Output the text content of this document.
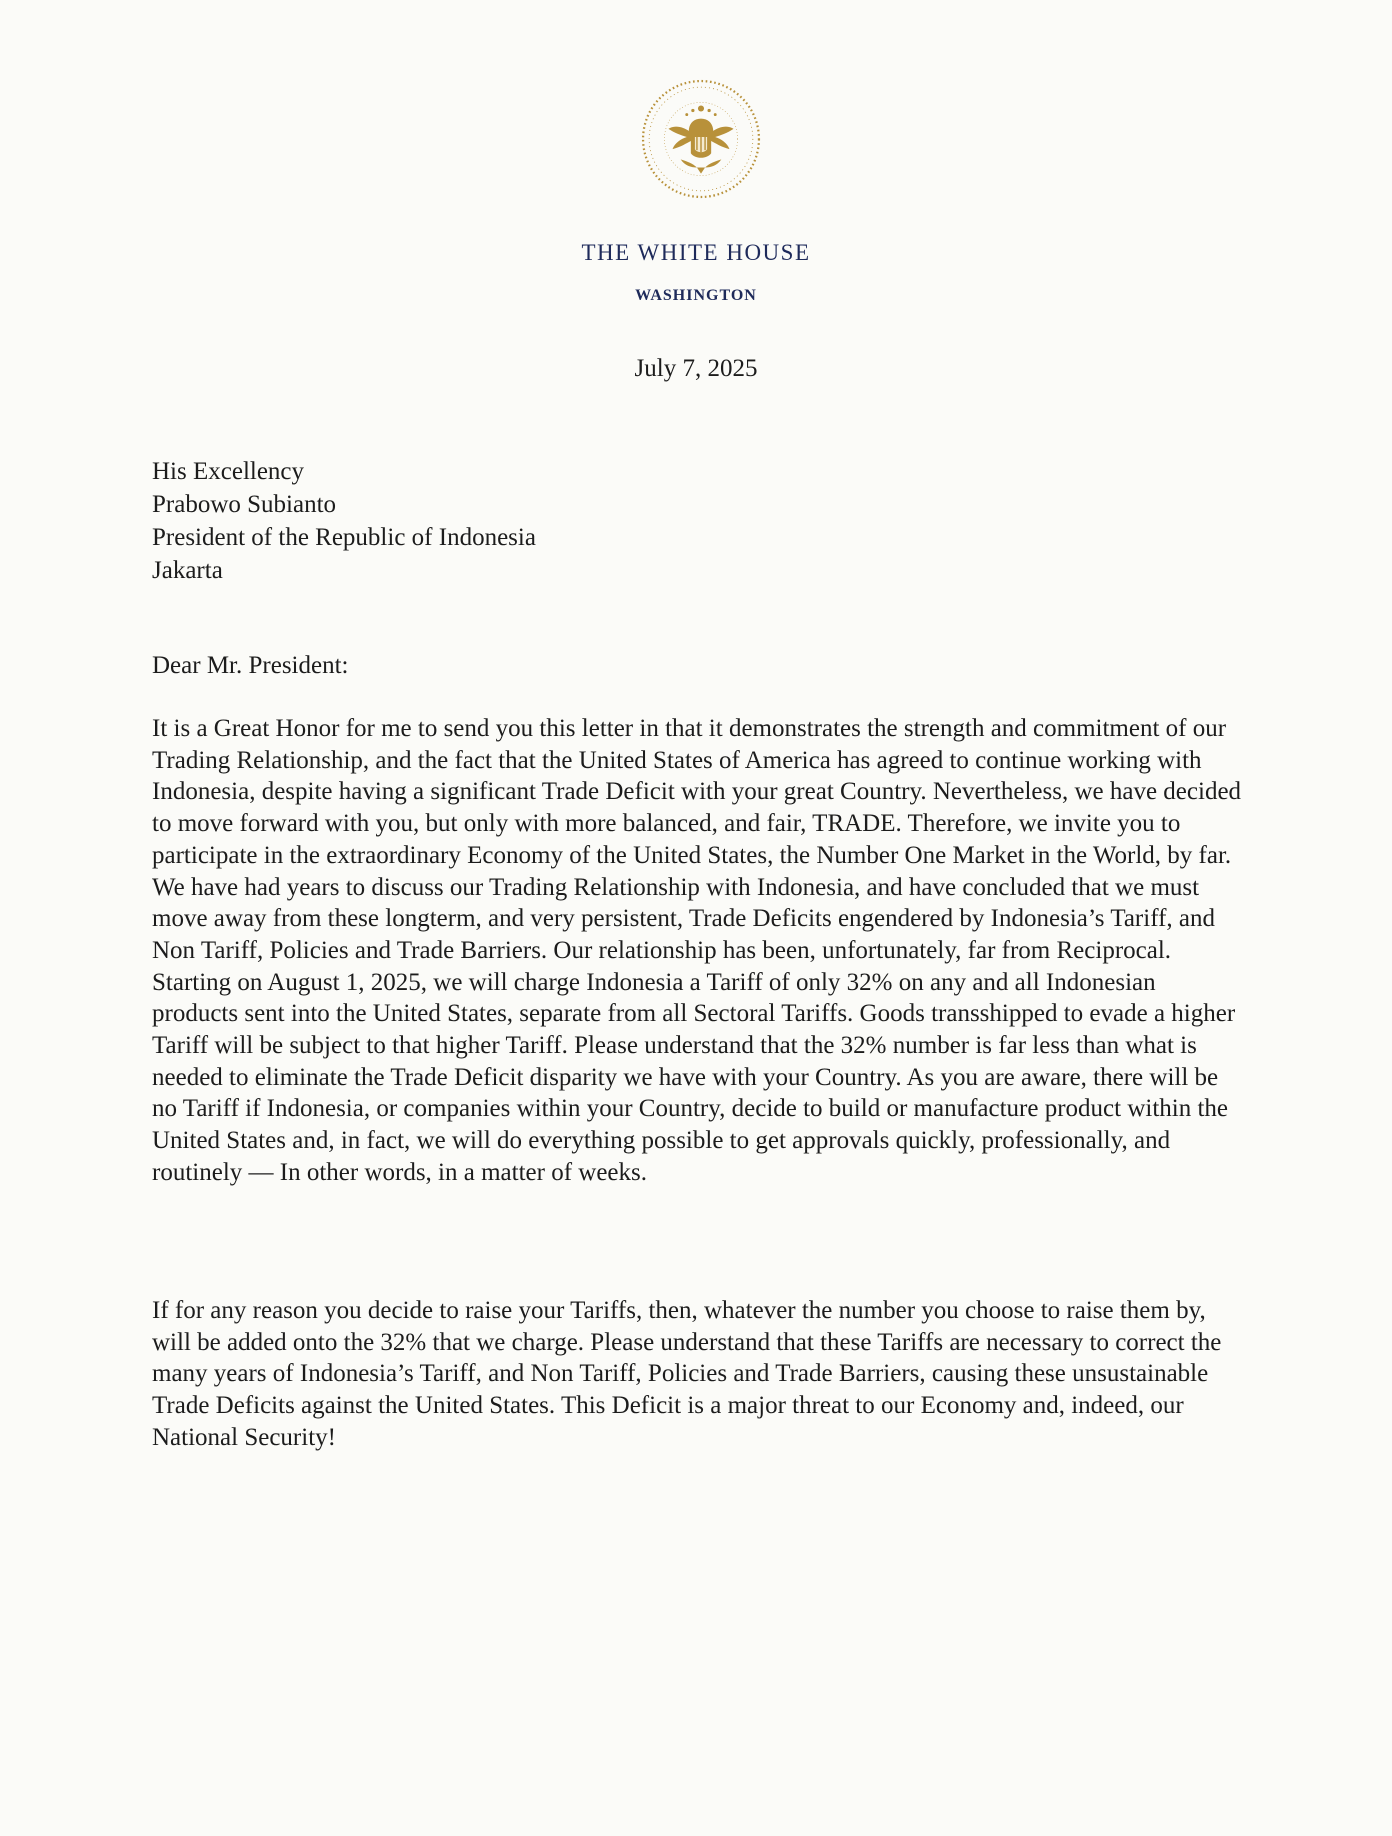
THE WHITE HOUSE
WASHINGTON
July 7, 2025
His Excellency
Prabowo Subianto
President of the Republic of Indonesia
Jakarta
Dear Mr. President:

It is a Great Honor for me to send you this letter in that it demonstrates the strength and commitment of our Trading Relationship, and the fact that the United States of America has agreed to continue working with Indonesia, despite having a significant Trade Deficit with your great Country. Nevertheless, we have decided to move forward with you, but only with more balanced, and fair, TRADE. Therefore, we invite you to participate in the extraordinary Economy of the United States, the Number One Market in the World, by far. We have had years to discuss our Trading Relationship with Indonesia, and have concluded that we must move away from these longterm, and very persistent, Trade Deficits engendered by Indonesia’s Tariff, and Non Tariff, Policies and Trade Barriers. Our relationship has been, unfortunately, far from Reciprocal. Starting on August 1, 2025, we will charge Indonesia a Tariff of only 32% on any and all Indonesian products sent into the United States, separate from all Sectoral Tariffs. Goods transshipped to evade a higher Tariff will be subject to that higher Tariff. Please understand that the 32% number is far less than what is needed to eliminate the Trade Deficit disparity we have with your Country. As you are aware, there will be no Tariff if Indonesia, or companies within your Country, decide to build or manufacture product within the United States and, in fact, we will do everything possible to get approvals quickly, professionally, and routinely — In other words, in a matter of weeks.

If for any reason you decide to raise your Tariffs, then, whatever the number you choose to raise them by, will be added onto the 32% that we charge. Please understand that these Tariffs are necessary to correct the many years of Indonesia’s Tariff, and Non Tariff, Policies and Trade Barriers, causing these unsustainable Trade Deficits against the United States. This Deficit is a major threat to our Economy and, indeed, our National Security!
